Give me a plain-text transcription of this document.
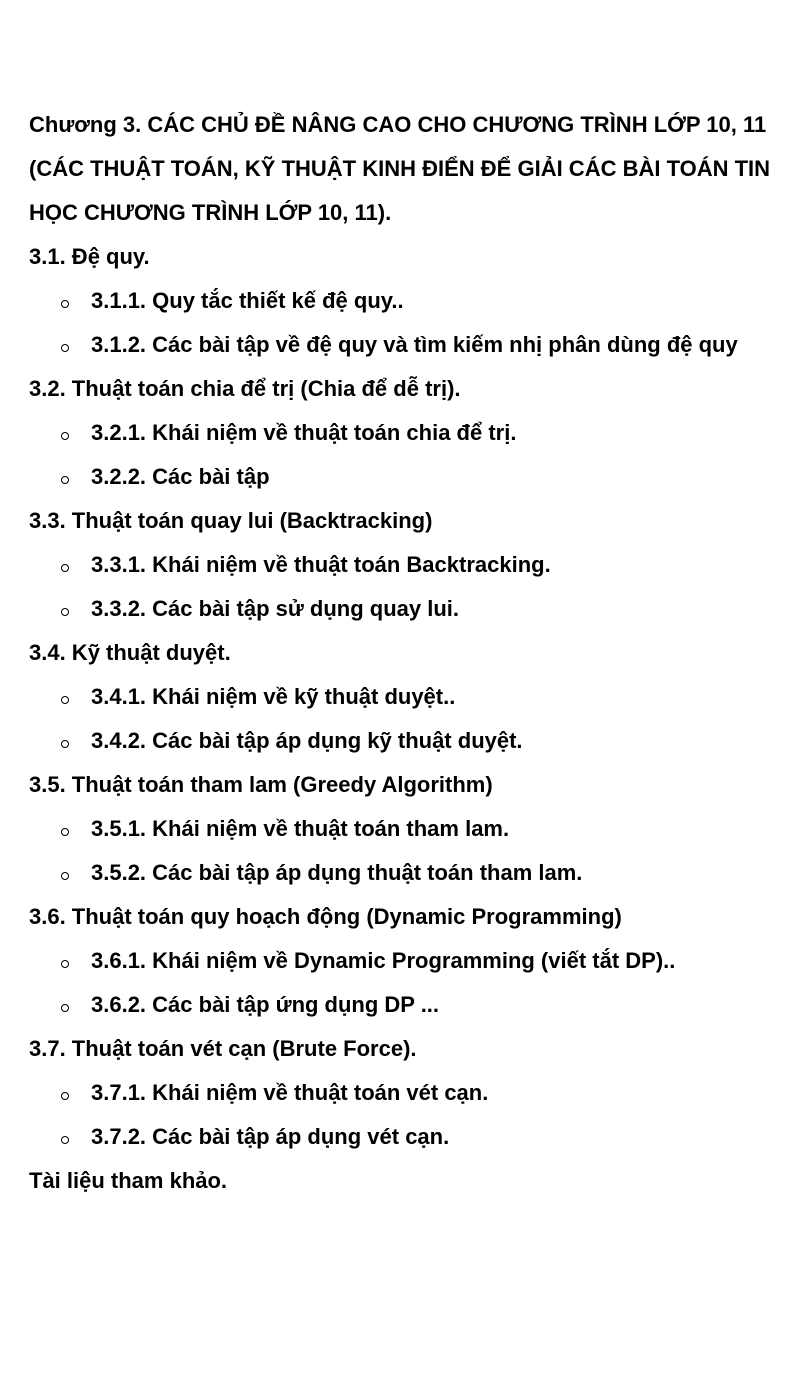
Chương 3. CÁC CHỦ ĐỀ NÂNG CAO CHO CHƯƠNG TRÌNH LỚP 10, 11 (CÁC THUẬT TOÁN, KỸ THUẬT KINH ĐIỂN ĐỂ GIẢI CÁC BÀI TOÁN TIN HỌC CHƯƠNG TRÌNH LỚP 10, 11).

3.1. Đệ quy.

3.1.1. Quy tắc thiết kế đệ quy..
3.1.2. Các bài tập về đệ quy và tìm kiếm nhị phân dùng đệ quy

3.2. Thuật toán chia để trị (Chia để dễ trị).

3.2.1. Khái niệm về thuật toán chia để trị.
3.2.2. Các bài tập

3.3. Thuật toán quay lui (Backtracking)

3.3.1. Khái niệm về thuật toán Backtracking.
3.3.2. Các bài tập sử dụng quay lui.

3.4. Kỹ thuật duyệt.

3.4.1. Khái niệm về kỹ thuật duyệt..
3.4.2. Các bài tập áp dụng kỹ thuật duyệt.

3.5. Thuật toán tham lam (Greedy Algorithm)

3.5.1. Khái niệm về thuật toán tham lam.
3.5.2. Các bài tập áp dụng thuật toán tham lam.

3.6. Thuật toán quy hoạch động (Dynamic Programming)

3.6.1. Khái niệm về Dynamic Programming (viết tắt DP)..
3.6.2. Các bài tập ứng dụng DP ...

3.7. Thuật toán vét cạn (Brute Force).

3.7.1. Khái niệm về thuật toán vét cạn.
3.7.2. Các bài tập áp dụng vét cạn.

Tài liệu tham khảo.
